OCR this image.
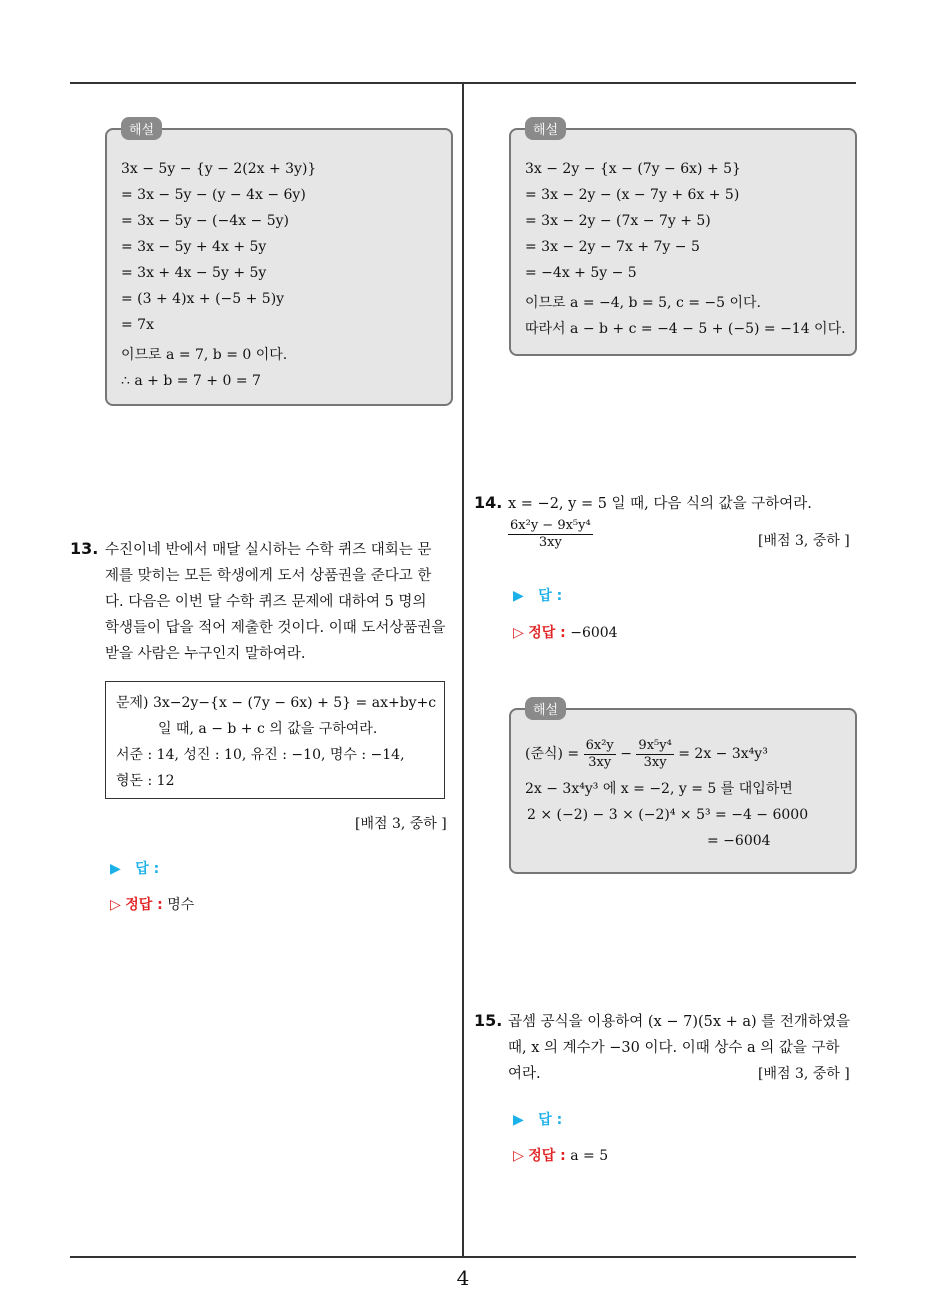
해설
3x − 5y − {y − 2(2x + 3y)}
= 3x − 5y − (y − 4x − 6y)
= 3x − 5y − (−4x − 5y)
= 3x − 5y + 4x + 5y
= 3x + 4x − 5y + 5y
= (3 + 4)x + (−5 + 5)y
= 7x
이므로 a = 7, b = 0 이다.
∴ a + b = 7 + 0 = 7
해설
3x − 2y − {x − (7y − 6x) + 5}
= 3x − 2y − (x − 7y + 6x + 5)
= 3x − 2y − (7x − 7y + 5)
= 3x − 2y − 7x + 7y − 5
= −4x + 5y − 5
이므로 a = −4, b = 5, c = −5 이다.
따라서 a − b + c = −4 − 5 + (−5) = −14 이다.
13. 수진이네 반에서 매달 실시하는 수학 퀴즈 대회는 문
제를 맞히는 모든 학생에게 도서 상품권을 준다고 한
다. 다음은 이번 달 수학 퀴즈 문제에 대하여 5 명의
학생들이 답을 적어 제출한 것이다. 이때 도서상품권을
받을 사람은 누구인지 말하여라.
문제) 3x−2y−{x − (7y − 6x) + 5} = ax+by+c
일 때, a − b + c 의 값을 구하여라.
서준 : 14, 성진 : 10, 유진 : −10, 명수 : −14,
형돈 : 12
[배점 3, 중하 ]
▶ 답 :
▷ 정답 : 명수
14. x = −2, y = 5 일 때, 다음 식의 값을 구하여라.
$\frac{\text{6x²y − 9x⁵y⁴}}{3xy}$	[배점 3, 중하 ]
▶ 답 :
▷ 정답 : −6004
해설
(준식) = $\frac{\text{6x²y}}{3xy} - \frac{\text{9x⁵y⁴}}{3xy} = 2x - 3x^4y^3$
2x − 3x⁴y³ 에 x = −2, y = 5 를 대입하면
2 × (−2) − 3 × (−2)⁴ × 5³ = −4 − 6000
= −6004
15. 곱셈 공식을 이용하여 (x − 7)(5x + a) 를 전개하였을
때, x 의 계수가 −30 이다. 이때 상수 a 의 값을 구하
여라.	[배점 3, 중하 ]
▶ 답 :
▷ 정답 : a = 5
4
